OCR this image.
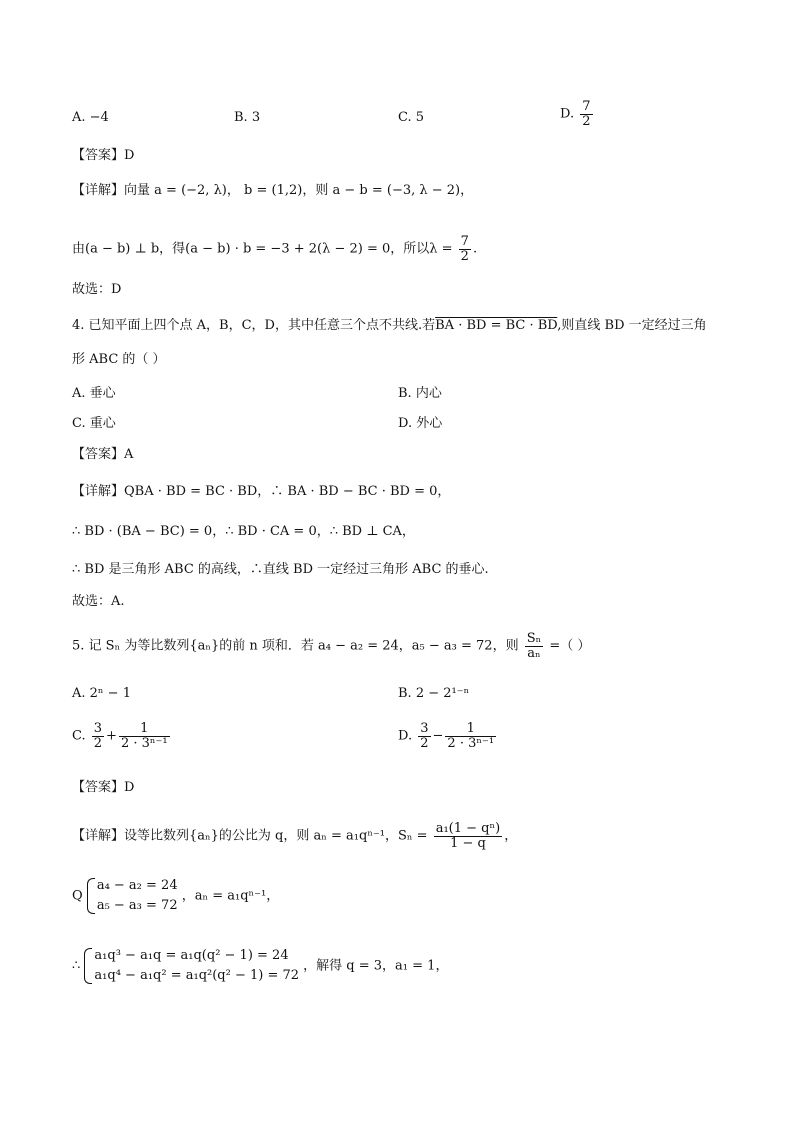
A. −4	B. 3	C. 5	D. $\frac{7}{2}$
【答案】D
【详解】向量 a = (−2, λ)， b = (1,2)，则 a − b = (−3, λ − 2)，
由(a − b) ⊥ b，得(a − b) · b = −3 + 2(λ − 2) = 0，所以$\lambda = \frac{7}{2}$ .
故选：D
4. 已知平面上四个点 A，B，C，D，其中任意三个点不共线.若BA · BD = BC · BD,则直线 BD 一定经过三角
形 ABC 的（ ）
A. 垂心	B. 内心
C. 重心	D. 外心
【答案】A
【详解】QBA · BD = BC · BD，∴ BA · BD − BC · BD = 0，
∴ BD · (BA − BC) = 0，∴ BD · CA = 0，∴ BD ⊥ CA，
∴ BD 是三角形 ABC 的高线，∴直线 BD 一定经过三角形 ABC 的垂心.
故选：A.
5. 记 Sₙ 为等比数列{aₙ}的前 n 项和．若 a₄ − a₂ = 24，a₅ − a₃ = 72，则 $\frac{\text{Sₙ}}{\text{aₙ}}$ =（ ）
A. 2ⁿ − 1	B. 2 − 2¹⁻ⁿ
C. $\frac{3}{2} + \frac{1}{\text{2 · 3ⁿ⁻¹}}$	D. $\frac{3}{2} - \frac{1}{\text{2 · 3ⁿ⁻¹}}$
【答案】D
【详解】设等比数列{aₙ}的公比为 q，则 aₙ = a₁qⁿ⁻¹，$S_n = \frac{\text{a₁(1 − qⁿ)}}{1 - q}$ ，
Q
a₄ − a₂ = 24
a₅ − a₃ = 72
，aₙ = a₁qⁿ⁻¹，
∴
a₁q³ − a₁q = a₁q(q² − 1) = 24
a₁q⁴ − a₁q² = a₁q²(q² − 1) = 72
，解得 q = 3，a₁ = 1，
